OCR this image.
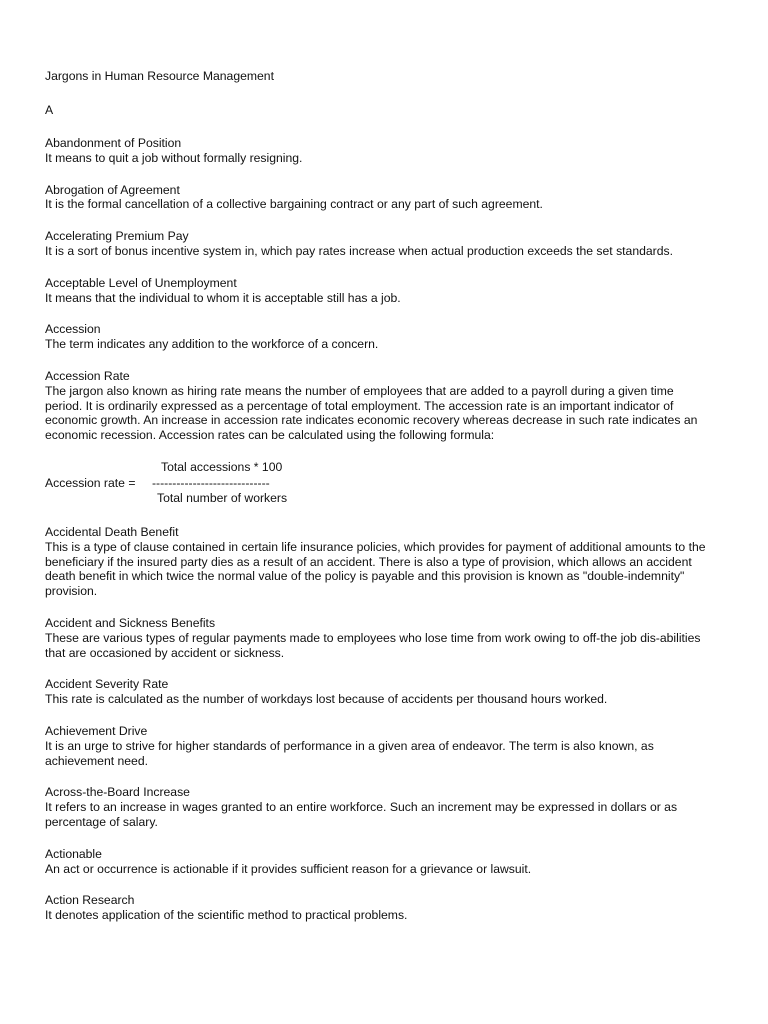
Jargons in Human Resource Management
A
Abandonment of Position
It means to quit a job without formally resigning.
Abrogation of Agreement
It is the formal cancellation of a collective bargaining contract or any part of such agreement.
Accelerating Premium Pay
It is a sort of bonus incentive system in, which pay rates increase when actual production exceeds the set standards.
Acceptable Level of Unemployment
It means that the individual to whom it is acceptable still has a job.
Accession
The term indicates any addition to the workforce of a concern.
Accession Rate
The jargon also known as hiring rate means the number of employees that are added to a payroll during a given time period. It is ordinarily expressed as a percentage of total employment. The accession rate is an important indicator of economic growth. An increase in accession rate indicates economic recovery whereas decrease in such rate indicates an economic recession. Accession rates can be calculated using the following formula:
Accession rate =
Total accessions * 100
-----------------------------
Total number of workers
Accidental Death Benefit
This is a type of clause contained in certain life insurance policies, which provides for payment of additional amounts to the beneficiary if the insured party dies as a result of an accident. There is also a type of provision, which allows an accident death benefit in which twice the normal value of the policy is payable and this provision is known as "double-indemnity" provision.
Accident and Sickness Benefits
These are various types of regular payments made to employees who lose time from work owing to off-the job dis-abilities that are occasioned by accident or sickness.
Accident Severity Rate
This rate is calculated as the number of workdays lost because of accidents per thousand hours worked.
Achievement Drive
It is an urge to strive for higher standards of performance in a given area of endeavor. The term is also known, as achievement need.
Across-the-Board Increase
It refers to an increase in wages granted to an entire workforce. Such an increment may be expressed in dollars or as percentage of salary.
Actionable
An act or occurrence is actionable if it provides sufficient reason for a grievance or lawsuit.
Action Research
It denotes application of the scientific method to practical problems.
